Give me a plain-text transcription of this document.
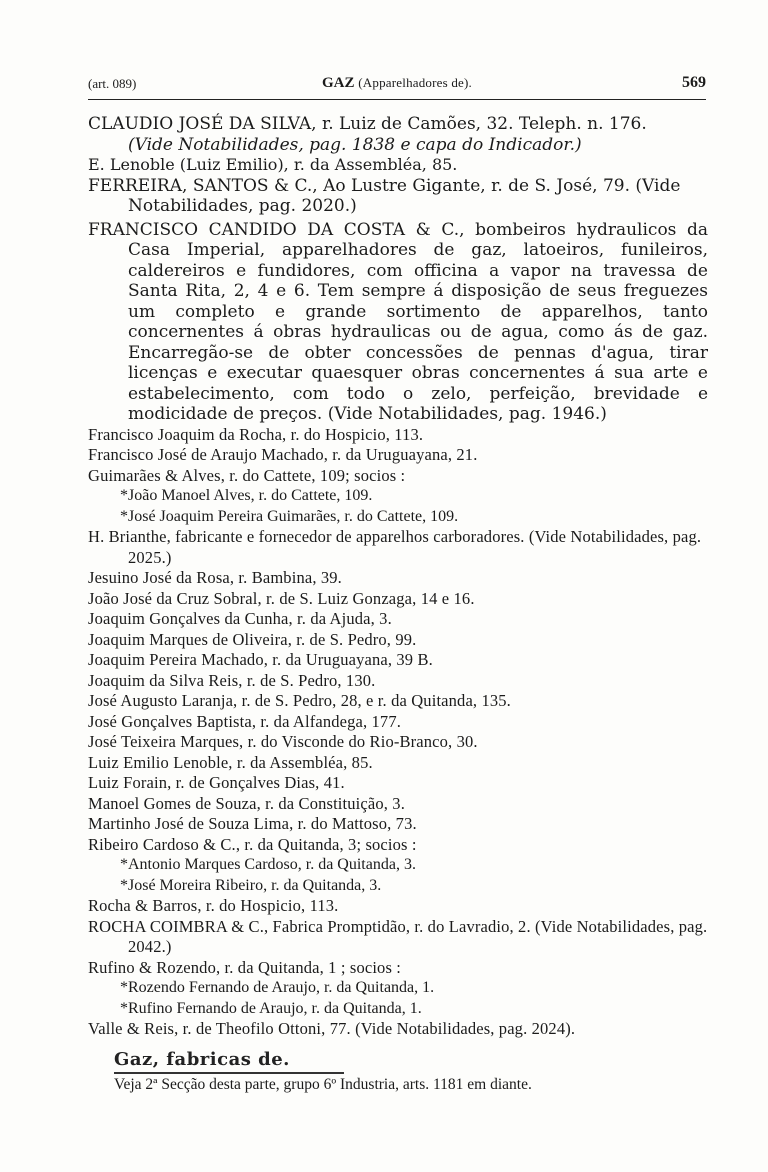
(art. 089)	GAZ (Apparelhadores de).	569

CLAUDIO JOSÉ DA SILVA, r. Luiz de Camões, 32. Teleph. n. 176.
(Vide Notabilidades, pag. 1838 e capa do Indicador.)

E. Lenoble (Luiz Emilio), r. da Assembléa, 85.

FERREIRA, SANTOS & C., Ao Lustre Gigante, r. de S. José, 79. (Vide Notabilidades, pag. 2020.)

FRANCISCO CANDIDO DA COSTA & C., bombeiros hydraulicos da Casa Imperial, apparelhadores de gaz, latoeiros, funileiros, caldereiros e fundidores, com officina a vapor na travessa de Santa Rita, 2, 4 e 6. Tem sempre á disposição de seus freguezes um completo e grande sortimento de apparelhos, tanto concernentes á obras hydraulicas ou de agua, como ás de gaz. Encarregão-se de obter concessões de pennas d'agua, tirar licenças e executar quaesquer obras concernentes á sua arte e estabelecimento, com todo o zelo, perfeição, brevidade e modicidade de preços. (Vide Notabilidades, pag. 1946.)

Francisco Joaquim da Rocha, r. do Hospicio, 113.

Francisco José de Araujo Machado, r. da Uruguayana, 21.

Guimarães & Alves, r. do Cattete, 109; socios :

*João Manoel Alves, r. do Cattete, 109.

*José Joaquim Pereira Guimarães, r. do Cattete, 109.

H. Brianthe, fabricante e fornecedor de apparelhos carboradores. (Vide Notabilidades, pag. 2025.)

Jesuino José da Rosa, r. Bambina, 39.

João José da Cruz Sobral, r. de S. Luiz Gonzaga, 14 e 16.

Joaquim Gonçalves da Cunha, r. da Ajuda, 3.

Joaquim Marques de Oliveira, r. de S. Pedro, 99.

Joaquim Pereira Machado, r. da Uruguayana, 39 B.

Joaquim da Silva Reis, r. de S. Pedro, 130.

José Augusto Laranja, r. de S. Pedro, 28, e r. da Quitanda, 135.

José Gonçalves Baptista, r. da Alfandega, 177.

José Teixeira Marques, r. do Visconde do Rio-Branco, 30.

Luiz Emilio Lenoble, r. da Assembléa, 85.

Luiz Forain, r. de Gonçalves Dias, 41.

Manoel Gomes de Souza, r. da Constituição, 3.

Martinho José de Souza Lima, r. do Mattoso, 73.

Ribeiro Cardoso & C., r. da Quitanda, 3; socios :

*Antonio Marques Cardoso, r. da Quitanda, 3.

*José Moreira Ribeiro, r. da Quitanda, 3.

Rocha & Barros, r. do Hospicio, 113.

ROCHA COIMBRA & C., Fabrica Promptidão, r. do Lavradio, 2. (Vide Notabilidades, pag. 2042.)

Rufino & Rozendo, r. da Quitanda, 1 ; socios :

*Rozendo Fernando de Araujo, r. da Quitanda, 1.

*Rufino Fernando de Araujo, r. da Quitanda, 1.

Valle & Reis, r. de Theofilo Ottoni, 77. (Vide Notabilidades, pag. 2024).

Gaz, fabricas de.
Veja 2ª Secção desta parte, grupo 6º Industria, arts. 1181 em diante.
